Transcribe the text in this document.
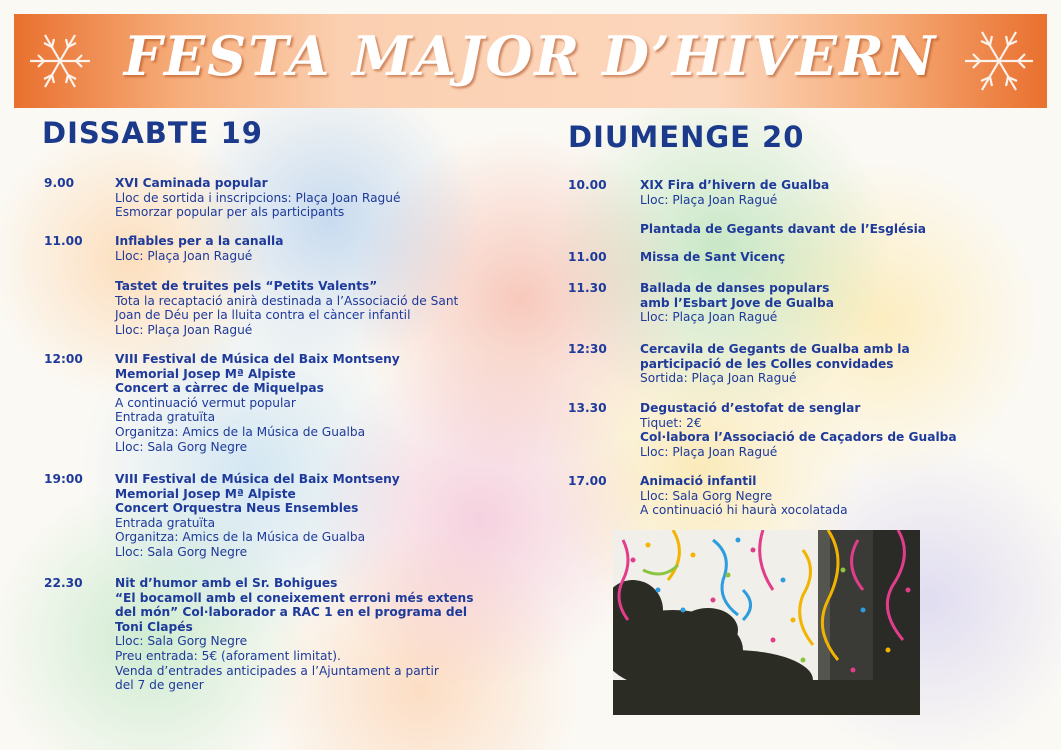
FESTA MAJOR D’HIVERN
DISSABTE 19	DIUMENGE 20
9.00	XVI Caminada popular
Lloc de sortida i inscripcions: Plaça Joan Ragué
Esmorzar popular per als participants
11.00	Inflables per a la canalla
Lloc: Plaça Joan Ragué
Tastet de truites pels “Petits Valents”
Tota la recaptació anirà destinada a l’Associació de Sant
Joan de Déu per la lluita contra el càncer infantil
Lloc: Plaça Joan Ragué
12:00	VIII Festival de Música del Baix Montseny
Memorial Josep Mª Alpiste
Concert a càrrec de Miquelpas
A continuació vermut popular
Entrada gratuïta
Organitza: Amics de la Música de Gualba
Lloc: Sala Gorg Negre
19:00	VIII Festival de Música del Baix Montseny
Memorial Josep Mª Alpiste
Concert Orquestra Neus Ensembles
Entrada gratuïta
Organitza: Amics de la Música de Gualba
Lloc: Sala Gorg Negre
22.30	Nit d’humor amb el Sr. Bohigues
“El bocamoll amb el coneixement erroni més extens
del món” Col·laborador a RAC 1 en el programa del
Toni Clapés
Lloc: Sala Gorg Negre
Preu entrada: 5€ (aforament limitat).
Venda d’entrades anticipades a l’Ajuntament a partir
del 7 de gener
10.00	XIX Fira d’hivern de Gualba
Lloc: Plaça Joan Ragué
Plantada de Gegants davant de l’Església
11.00	Missa de Sant Vicenç
11.30	Ballada de danses populars
amb l’Esbart Jove de Gualba
Lloc: Plaça Joan Ragué
12:30	Cercavila de Gegants de Gualba amb la
participació de les Colles convidades
Sortida: Plaça Joan Ragué
13.30	Degustació d’estofat de senglar
Tiquet: 2€
Col·labora l’Associació de Caçadors de Gualba
Lloc: Plaça Joan Ragué
17.00	Animació infantil
Lloc: Sala Gorg Negre
A continuació hi haurà xocolatada
